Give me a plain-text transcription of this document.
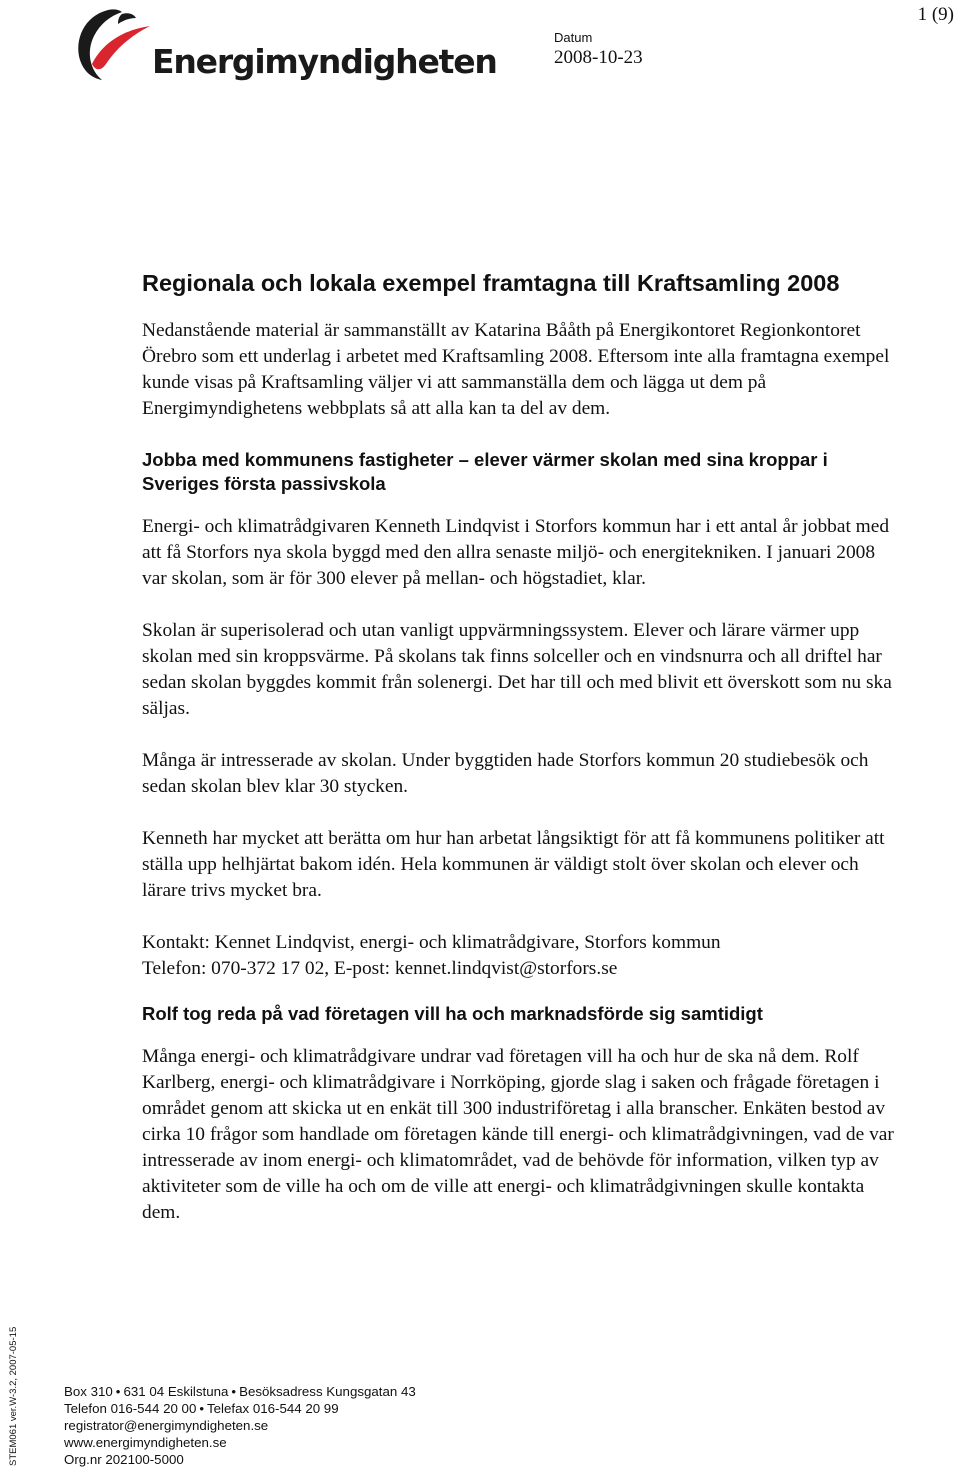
Energimyndigheten
Datum
2008-10-23
1 (9)
Regionala och lokala exempel framtagna till Kraftsamling 2008

Nedanstående material är sammanställt av Katarina Bååth på Energikontoret Regionkontoret Örebro som ett underlag i arbetet med Kraftsamling 2008. Eftersom inte alla framtagna exempel kunde visas på Kraftsamling väljer vi att sammanställa dem och lägga ut dem på Energimyndighetens webbplats så att alla kan ta del av dem.

Jobba med kommunens fastigheter – elever värmer skolan med sina kroppar i Sveriges första passivskola

Energi- och klimatrådgivaren Kenneth Lindqvist i Storfors kommun har i ett antal år jobbat med att få Storfors nya skola byggd med den allra senaste miljö- och energitekniken. I januari 2008 var skolan, som är för 300 elever på mellan- och högstadiet, klar.

Skolan är superisolerad och utan vanligt uppvärmningssystem. Elever och lärare värmer upp skolan med sin kroppsvärme. På skolans tak finns solceller och en vindsnurra och all driftel har sedan skolan byggdes kommit från solenergi. Det har till och med blivit ett överskott som nu ska säljas.

Många är intresserade av skolan. Under byggtiden hade Storfors kommun 20 studiebesök och sedan skolan blev klar 30 stycken.

Kenneth har mycket att berätta om hur han arbetat långsiktigt för att få kommunens politiker att ställa upp helhjärtat bakom idén. Hela kommunen är väldigt stolt över skolan och elever och lärare trivs mycket bra.

Kontakt: Kennet Lindqvist, energi- och klimatrådgivare, Storfors kommun
Telefon: 070-372 17 02, E-post: kennet.lindqvist@storfors.se

Rolf tog reda på vad företagen vill ha och marknadsförde sig samtidigt

Många energi- och klimatrådgivare undrar vad företagen vill ha och hur de ska nå dem. Rolf Karlberg, energi- och klimatrådgivare i Norrköping, gjorde slag i saken och frågade företagen i området genom att skicka ut en enkät till 300 industriföretag i alla branscher. Enkäten bestod av cirka 10 frågor som handlade om företagen kände till energi- och klimatrådgivningen, vad de var intresserade av inom energi- och klimatområdet, vad de behövde för information, vilken typ av aktiviteter som de ville ha och om de ville att energi- och klimatrådgivningen skulle kontakta dem.

STEM061 ver.W-3.2, 2007-05-15	Box 310 • 631 04 Eskilstuna • Besöksadress Kungsgatan 43
Telefon 016-544 20 00 • Telefax 016-544 20 99
registrator@energimyndigheten.se
www.energimyndigheten.se
Org.nr 202100-5000
